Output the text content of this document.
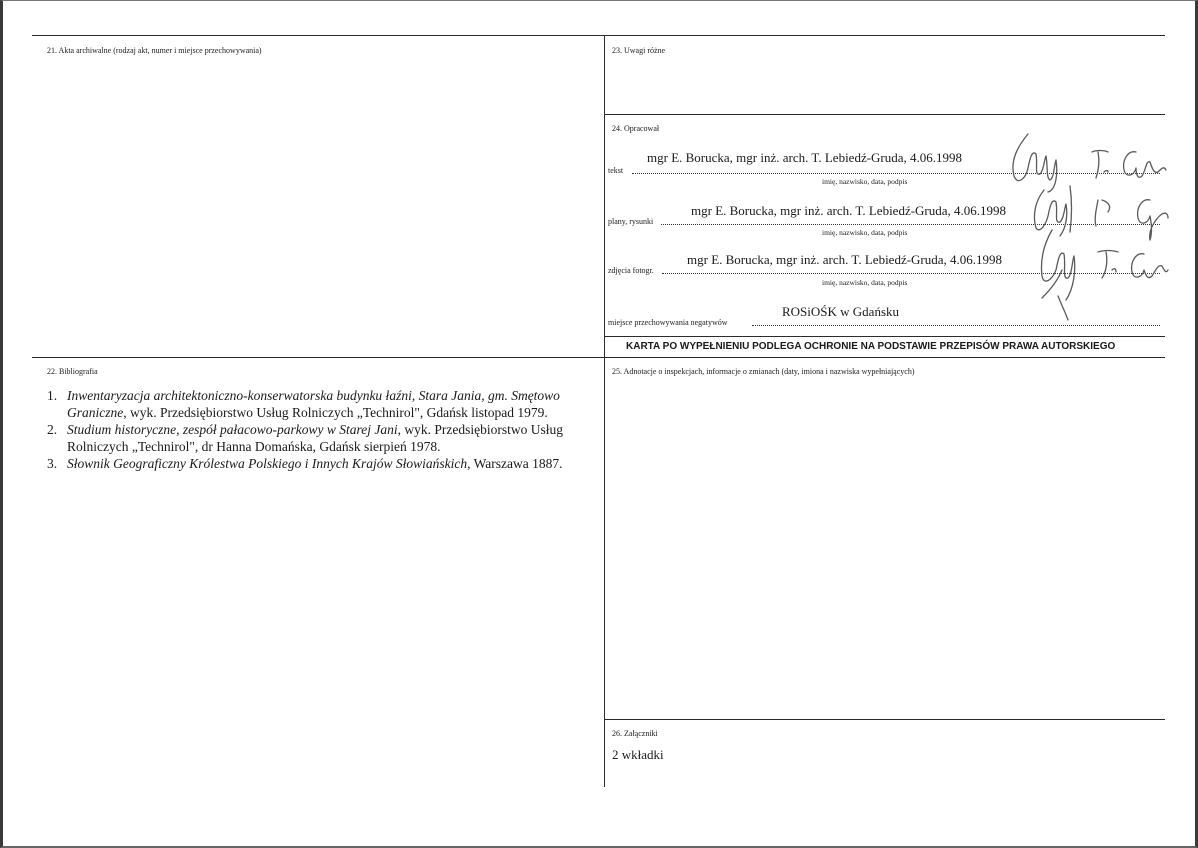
21. Akta archiwalne (rodzaj akt, numer i miejsce przechowywania)	23. Uwagi różne
24. Opracował
mgr E. Borucka, mgr inż. arch. T. Lebiedź-Gruda, 4.06.1998
tekst
imię, nazwisko, data, podpis
mgr E. Borucka, mgr inż. arch. T. Lebiedź-Gruda, 4.06.1998
plany, rysunki
imię, nazwisko, data, podpis
mgr E. Borucka, mgr inż. arch. T. Lebiedź-Gruda, 4.06.1998
zdjęcia fotogr.
imię, nazwisko, data, podpis
ROSiOŚK w Gdańsku
miejsce przechowywania negatywów
KARTA PO WYPEŁNIENIU PODLEGA OCHRONIE NA PODSTAWIE PRZEPISÓW PRAWA AUTORSKIEGO
22. Bibliografia
1. Inwentaryzacja architektoniczno-konserwatorska budynku łaźni, Stara Jania, gm. Smętowo Graniczne, wyk. Przedsiębiorstwo Usług Rolniczych „Technirol", Gdańsk listopad 1979.
2. Studium historyczne, zespół pałacowo-parkowy w Starej Jani, wyk. Przedsiębiorstwo Usług Rolniczych „Technirol", dr Hanna Domańska, Gdańsk sierpień 1978.
3. Słownik Geograficzny Królestwa Polskiego i Innych Krajów Słowiańskich, Warszawa 1887.
25. Adnotacje o inspekcjach, informacje o zmianach (daty, imiona i nazwiska wypełniających)
26. Załączniki
2 wkładki
